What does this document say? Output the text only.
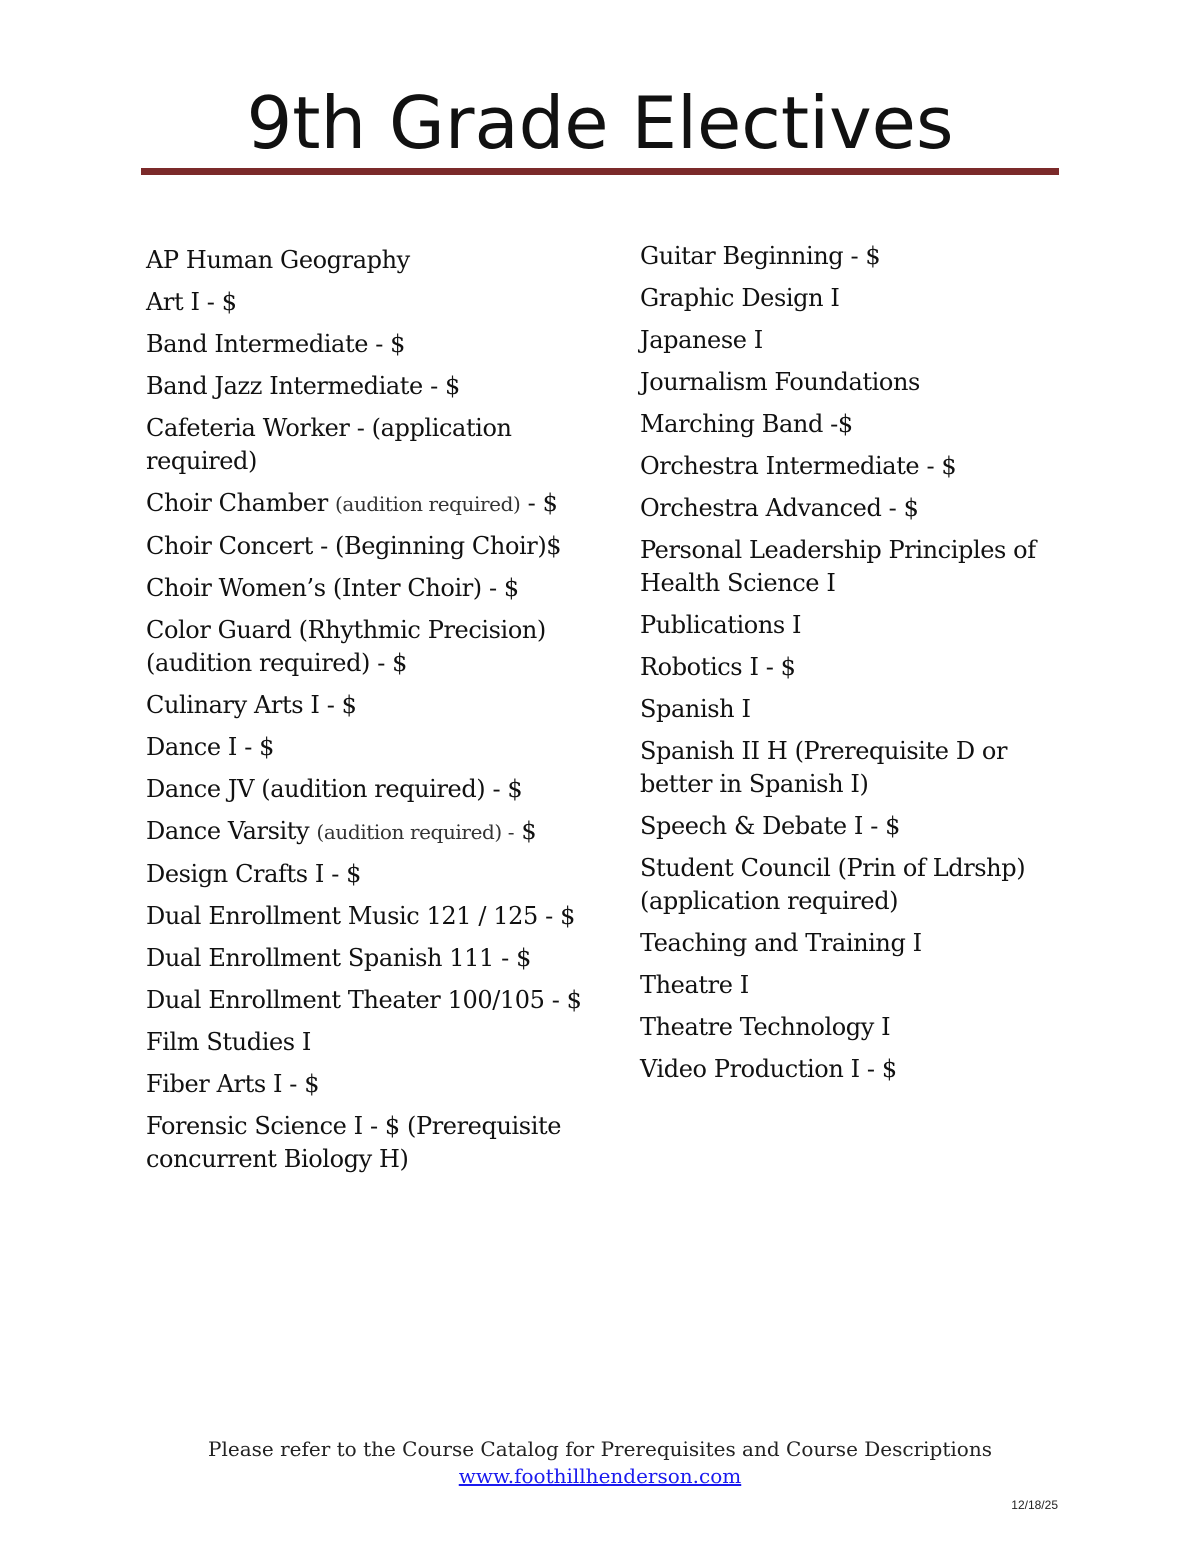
9th Grade Electives
AP Human Geography
Art I - $
Band Intermediate - $
Band Jazz Intermediate - $
Cafeteria Worker - (application required)
Choir Chamber (audition required) - $
Choir Concert - (Beginning Choir)$
Choir Women’s (Inter Choir) - $
Color Guard (Rhythmic Precision) (audition required) - $
Culinary Arts I - $
Dance I - $
Dance JV (audition required) - $
Dance Varsity (audition required) - $
Design Crafts I - $
Dual Enrollment Music 121 / 125 - $
Dual Enrollment Spanish 111 - $
Dual Enrollment Theater 100/105 - $
Film Studies I
Fiber Arts I - $
Forensic Science I - $ (Prerequisite concurrent Biology H)
Guitar Beginning - $
Graphic Design I
Japanese I
Journalism Foundations
Marching Band -$
Orchestra Intermediate - $
Orchestra Advanced - $
Personal Leadership Principles of Health Science I
Publications I
Robotics I - $
Spanish I
Spanish II H (Prerequisite D or better in Spanish I)
Speech & Debate I - $
Student Council (Prin of Ldrshp) (application required)
Teaching and Training I
Theatre I
Theatre Technology I
Video Production I - $
Please refer to the Course Catalog for Prerequisites and Course Descriptions
www.foothillhenderson.com
12/18/25
